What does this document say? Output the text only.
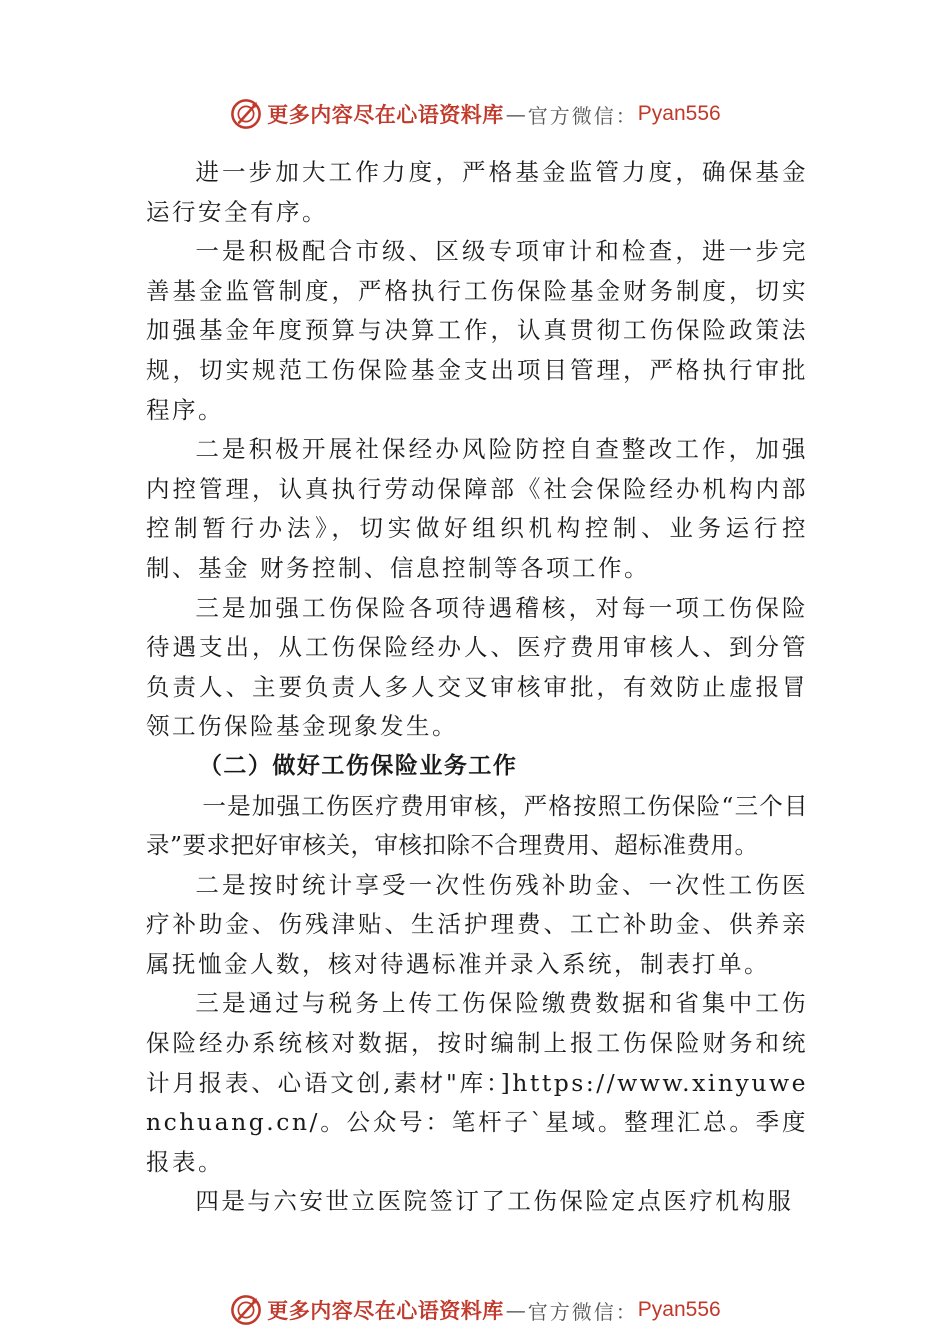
更多内容尽在心语资料库 — 官方微信： Pyan556

进一步加大工作力度，严格基金监管力度，确保基金运行安全有序。

一是积极配合市级、区级专项审计和检查，进一步完善基金监管制度，严格执行工伤保险基金财务制度，切实加强基金年度预算与决算工作，认真贯彻工伤保险政策法规，切实规范工伤保险基金支出项目管理，严格执行审批程序。

二是积极开展社保经办风险防控自查整改工作，加强内控管理，认真执行劳动保障部《社会保险经办机构内部控制暂行办法》，切实做好组织机构控制、业务运行控制、基金 财务控制、信息控制等各项工作。

三是加强工伤保险各项待遇稽核，对每一项工伤保险待遇支出，从工伤保险经办人、医疗费用审核人、到分管负责人、主要负责人多人交叉审核审批，有效防止虚报冒领工伤保险基金现象发生。

（二）做好工伤保险业务工作

一是加强工伤医疗费用审核，严格按照工伤保险“三个目录”要求把好审核关，审核扣除不合理费用、超标准费用。

二是按时统计享受一次性伤残补助金、一次性工伤医疗补助金、伤残津贴、生活护理费、工亡补助金、供养亲属抚恤金人数，核对待遇标准并录入系统，制表打单。

三是通过与税务上传工伤保险缴费数据和省集中工伤保险经办系统核对数据，按时编制上报工伤保险财务和统计月报表、心语文创,素材"库：]https://www.xinyuwenchuang.cn/。公众号：笔杆子`星域。整理汇总。季度报表。

四是与六安世立医院签订了工伤保险定点医疗机构服

更多内容尽在心语资料库 — 官方微信： Pyan556
